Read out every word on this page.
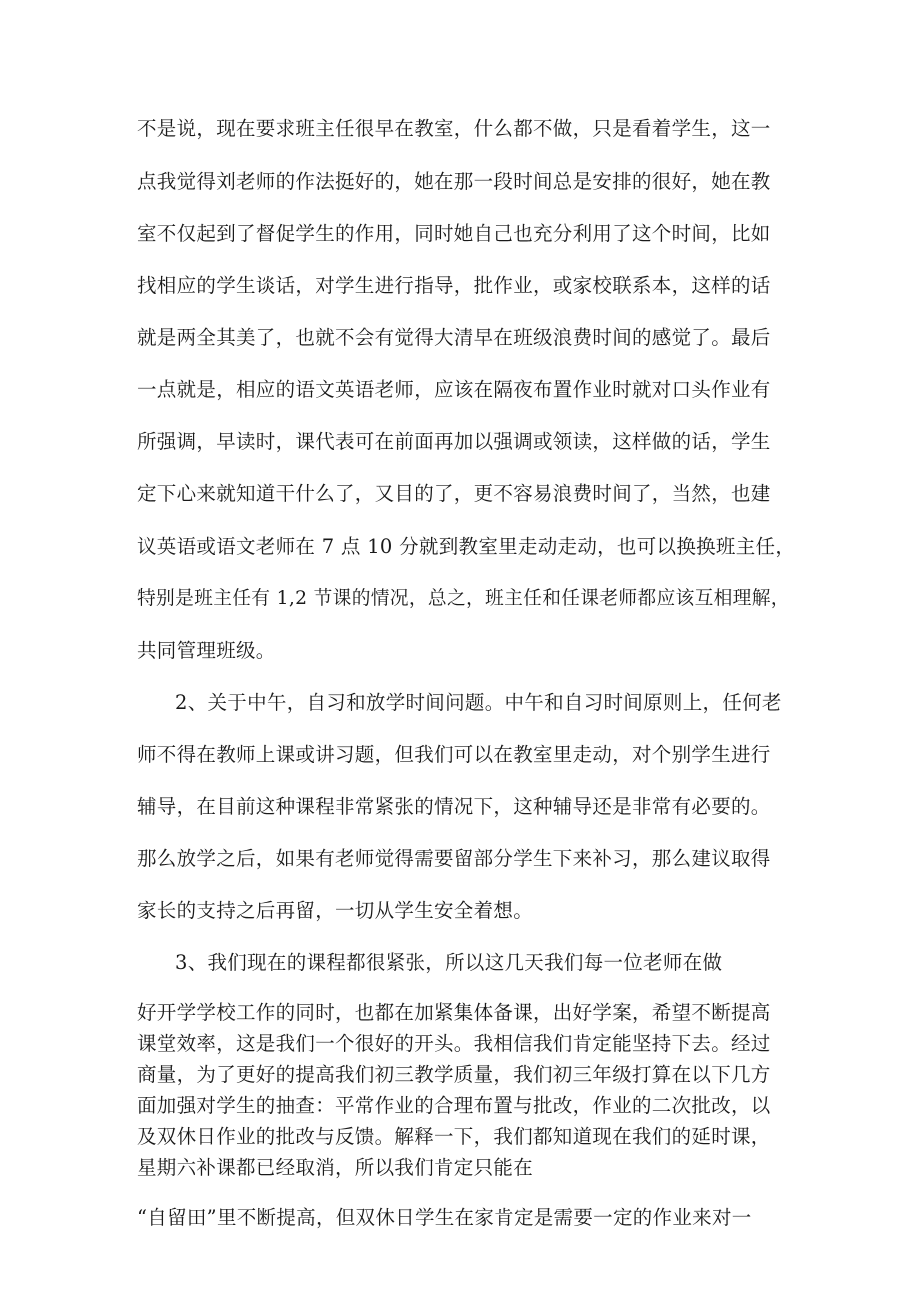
不是说，现在要求班主任很早在教室，什么都不做，只是看着学生，这一
点我觉得刘老师的作法挺好的，她在那一段时间总是安排的很好，她在教
室不仅起到了督促学生的作用，同时她自己也充分利用了这个时间，比如
找相应的学生谈话，对学生进行指导，批作业，或家校联系本，这样的话
就是两全其美了，也就不会有觉得大清早在班级浪费时间的感觉了。最后
一点就是，相应的语文英语老师，应该在隔夜布置作业时就对口头作业有
所强调，早读时，课代表可在前面再加以强调或领读，这样做的话，学生
定下心来就知道干什么了，又目的了，更不容易浪费时间了，当然，也建
议英语或语文老师在 7 点 10 分就到教室里走动走动，也可以换换班主任，
特别是班主任有 1,2 节课的情况，总之，班主任和任课老师都应该互相理解，
共同管理班级。
2、关于中午，自习和放学时间问题。中午和自习时间原则上，任何老
师不得在教师上课或讲习题，但我们可以在教室里走动，对个别学生进行
辅导，在目前这种课程非常紧张的情况下，这种辅导还是非常有必要的。
那么放学之后，如果有老师觉得需要留部分学生下来补习，那么建议取得
家长的支持之后再留，一切从学生安全着想。
3、我们现在的课程都很紧张，所以这几天我们每一位老师在做
好开学学校工作的同时，也都在加紧集体备课，出好学案，希望不断提高
课堂效率，这是我们一个很好的开头。我相信我们肯定能坚持下去。经过
商量，为了更好的提高我们初三教学质量，我们初三年级打算在以下几方
面加强对学生的抽查：平常作业的合理布置与批改，作业的二次批改，以
及双休日作业的批改与反馈。解释一下，我们都知道现在我们的延时课，
星期六补课都已经取消，所以我们肯定只能在
“自留田”里不断提高，但双休日学生在家肯定是需要一定的作业来对一
